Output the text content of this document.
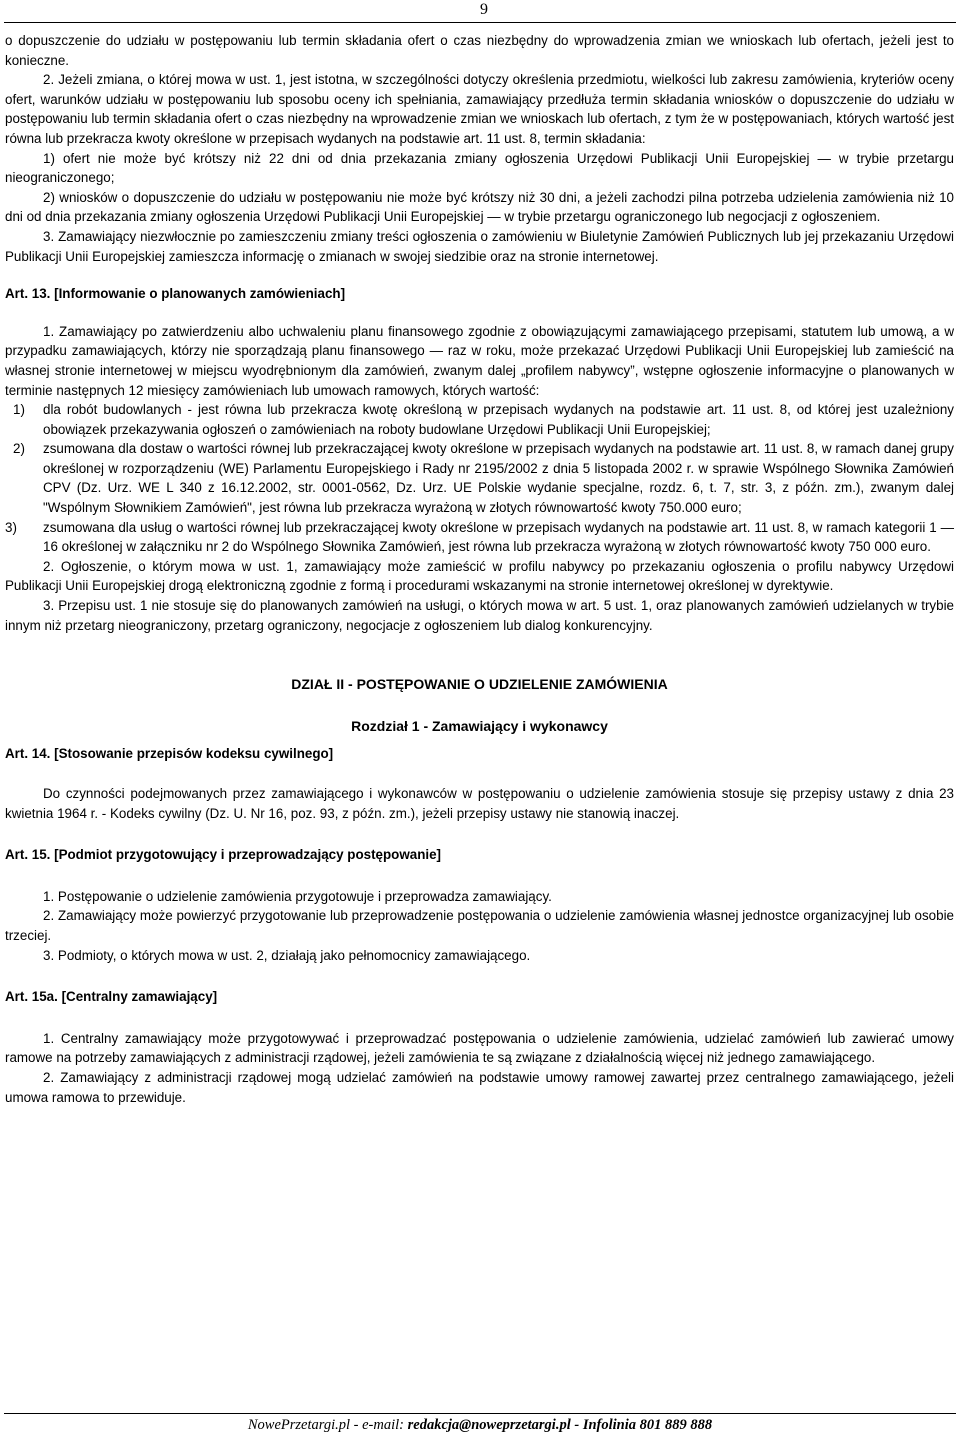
9

o dopuszczenie do udziału w postępowaniu lub termin składania ofert o czas niezbędny do wprowadzenia zmian we wnioskach lub ofertach, jeżeli jest to konieczne.

2. Jeżeli zmiana, o której mowa w ust. 1, jest istotna, w szczególności dotyczy określenia przedmiotu, wielkości lub zakresu zamówienia, kryteriów oceny ofert, warunków udziału w postępowaniu lub sposobu oceny ich spełniania, zamawiający przedłuża termin składania wniosków o dopuszczenie do udziału w postępowaniu lub termin składania ofert o czas niezbędny na wprowadzenie zmian we wnioskach lub ofertach, z tym że w postępowaniach, których wartość jest równa lub przekracza kwoty określone w przepisach wydanych na podstawie art. 11 ust. 8, termin składania:

1) ofert nie może być krótszy niż 22 dni od dnia przekazania zmiany ogłoszenia Urzędowi Publikacji Unii Europejskiej — w trybie przetargu nieograniczonego;

2) wniosków o dopuszczenie do udziału w postępowaniu nie może być krótszy niż 30 dni, a jeżeli zachodzi pilna potrzeba udzielenia zamówienia niż 10 dni od dnia przekazania zmiany ogłoszenia Urzędowi Publikacji Unii Europejskiej — w trybie przetargu ograniczonego lub negocjacji z ogłoszeniem.

3. Zamawiający niezwłocznie po zamieszczeniu zmiany treści ogłoszenia o zamówieniu w Biuletynie Zamówień Publicznych lub jej przekazaniu Urzędowi Publikacji Unii Europejskiej zamieszcza informację o zmianach w swojej siedzibie oraz na stronie internetowej.

Art. 13. [Informowanie o planowanych zamówieniach]

1. Zamawiający po zatwierdzeniu albo uchwaleniu planu finansowego zgodnie z obowiązującymi zamawiającego przepisami, statutem lub umową, a w przypadku zamawiających, którzy nie sporządzają planu finansowego — raz w roku, może przekazać Urzędowi Publikacji Unii Europejskiej lub zamieścić na własnej stronie internetowej w miejscu wyodrębnionym dla zamówień, zwanym dalej „profilem nabywcy”, wstępne ogłoszenie informacyjne o planowanych w terminie następnych 12 miesięcy zamówieniach lub umowach ramowych, których wartość:

1)	dla robót budowlanych - jest równa lub przekracza kwotę określoną w przepisach wydanych na podstawie art. 11 ust. 8, od której jest uzależniony obowiązek przekazywania ogłoszeń o zamówieniach na roboty budowlane Urzędowi Publikacji Unii Europejskiej;
2)	zsumowana dla dostaw o wartości równej lub przekraczającej kwoty określone w przepisach wydanych na podstawie art. 11 ust. 8, w ramach danej grupy określonej w rozporządzeniu (WE) Parlamentu Europejskiego i Rady nr 2195/2002 z dnia 5 listopada 2002 r. w sprawie Wspólnego Słownika Zamówień CPV (Dz. Urz. WE L 340 z 16.12.2002, str. 0001-0562, Dz. Urz. UE Polskie wydanie specjalne, rozdz. 6, t. 7, str. 3, z późn. zm.), zwanym dalej "Wspólnym Słownikiem Zamówień", jest równa lub przekracza wyrażoną w złotych równowartość kwoty 750.000 euro;
3)	zsumowana dla usług o wartości równej lub przekraczającej kwoty określone w przepisach wydanych na podstawie art. 11 ust. 8, w ramach kategorii 1 — 16 określonej w załączniku nr 2 do Wspólnego Słownika Zamówień, jest równa lub przekracza wyrażoną w złotych równowartość kwoty 750 000 euro.

2. Ogłoszenie, o którym mowa w ust. 1, zamawiający może zamieścić w profilu nabywcy po przekazaniu ogłoszenia o profilu nabywcy Urzędowi Publikacji Unii Europejskiej drogą elektroniczną zgodnie z formą i procedurami wskazanymi na stronie internetowej określonej w dyrektywie.

3. Przepisu ust. 1 nie stosuje się do planowanych zamówień na usługi, o których mowa w art. 5 ust. 1, oraz planowanych zamówień udzielanych w trybie innym niż przetarg nieograniczony, przetarg ograniczony, negocjacje z ogłoszeniem lub dialog konkurencyjny.

DZIAŁ II - POSTĘPOWANIE O UDZIELENIE ZAMÓWIENIA

Rozdział 1 - Zamawiający i wykonawcy

Art. 14. [Stosowanie przepisów kodeksu cywilnego]

Do czynności podejmowanych przez zamawiającego i wykonawców w postępowaniu o udzielenie zamówienia stosuje się przepisy ustawy z dnia 23 kwietnia 1964 r. - Kodeks cywilny (Dz. U. Nr 16, poz. 93, z późn. zm.), jeżeli przepisy ustawy nie stanowią inaczej.

Art. 15. [Podmiot przygotowujący i przeprowadzający postępowanie]

1. Postępowanie o udzielenie zamówienia przygotowuje i przeprowadza zamawiający.

2. Zamawiający może powierzyć przygotowanie lub przeprowadzenie postępowania o udzielenie zamówienia własnej jednostce organizacyjnej lub osobie trzeciej.

3. Podmioty, o których mowa w ust. 2, działają jako pełnomocnicy zamawiającego.

Art. 15a. [Centralny zamawiający]

1. Centralny zamawiający może przygotowywać i przeprowadzać postępowania o udzielenie zamówienia, udzielać zamówień lub zawierać umowy ramowe na potrzeby zamawiających z administracji rządowej, jeżeli zamówienia te są związane z działalnością więcej niż jednego zamawiającego.

2. Zamawiający z administracji rządowej mogą udzielać zamówień na podstawie umowy ramowej zawartej przez centralnego zamawiającego, jeżeli umowa ramowa to przewiduje.

NowePrzetargi.pl - e-mail: redakcja@noweprzetargi.pl - Infolinia 801 889 888
